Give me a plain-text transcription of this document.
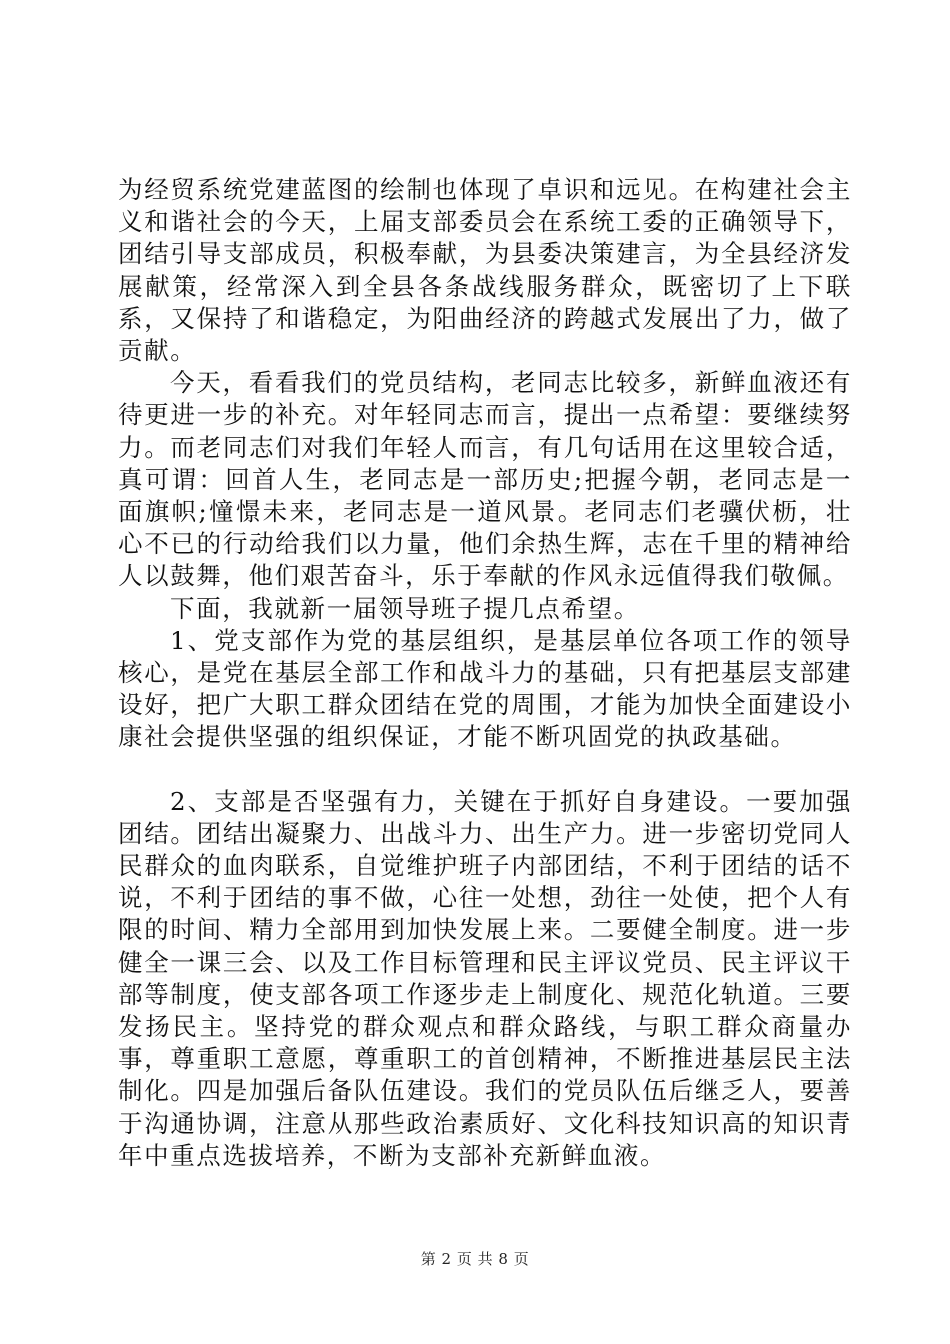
为经贸系统党建蓝图的绘制也体现了卓识和远见。在构建社会主义和谐社会的今天，上届支部委员会在系统工委的正确领导下，团结引导支部成员，积极奉献，为县委决策建言，为全县经济发展献策，经常深入到全县各条战线服务群众，既密切了上下联系，又保持了和谐稳定，为阳曲经济的跨越式发展出了力，做了贡献。

今天，看看我们的党员结构，老同志比较多，新鲜血液还有待更进一步的补充。对年轻同志而言，提出一点希望：要继续努力。而老同志们对我们年轻人而言，有几句话用在这里较合适，真可谓：回首人生，老同志是一部历史;把握今朝，老同志是一面旗帜;憧憬未来，老同志是一道风景。老同志们老骥伏枥，壮心不已的行动给我们以力量，他们余热生辉，志在千里的精神给人以鼓舞，他们艰苦奋斗，乐于奉献的作风永远值得我们敬佩。

下面，我就新一届领导班子提几点希望。

1、党支部作为党的基层组织，是基层单位各项工作的领导核心，是党在基层全部工作和战斗力的基础，只有把基层支部建设好，把广大职工群众团结在党的周围，才能为加快全面建设小康社会提供坚强的组织保证，才能不断巩固党的执政基础。

2、支部是否坚强有力，关键在于抓好自身建设。一要加强团结。团结出凝聚力、出战斗力、出生产力。进一步密切党同人民群众的血肉联系，自觉维护班子内部团结，不利于团结的话不说，不利于团结的事不做，心往一处想，劲往一处使，把个人有限的时间、精力全部用到加快发展上来。二要健全制度。进一步健全一课三会、以及工作目标管理和民主评议党员、民主评议干部等制度，使支部各项工作逐步走上制度化、规范化轨道。三要发扬民主。坚持党的群众观点和群众路线，与职工群众商量办事，尊重职工意愿，尊重职工的首创精神，不断推进基层民主法制化。四是加强后备队伍建设。我们的党员队伍后继乏人，要善于沟通协调，注意从那些政治素质好、文化科技知识高的知识青年中重点选拔培养，不断为支部补充新鲜血液。

第 2 页 共 8 页
